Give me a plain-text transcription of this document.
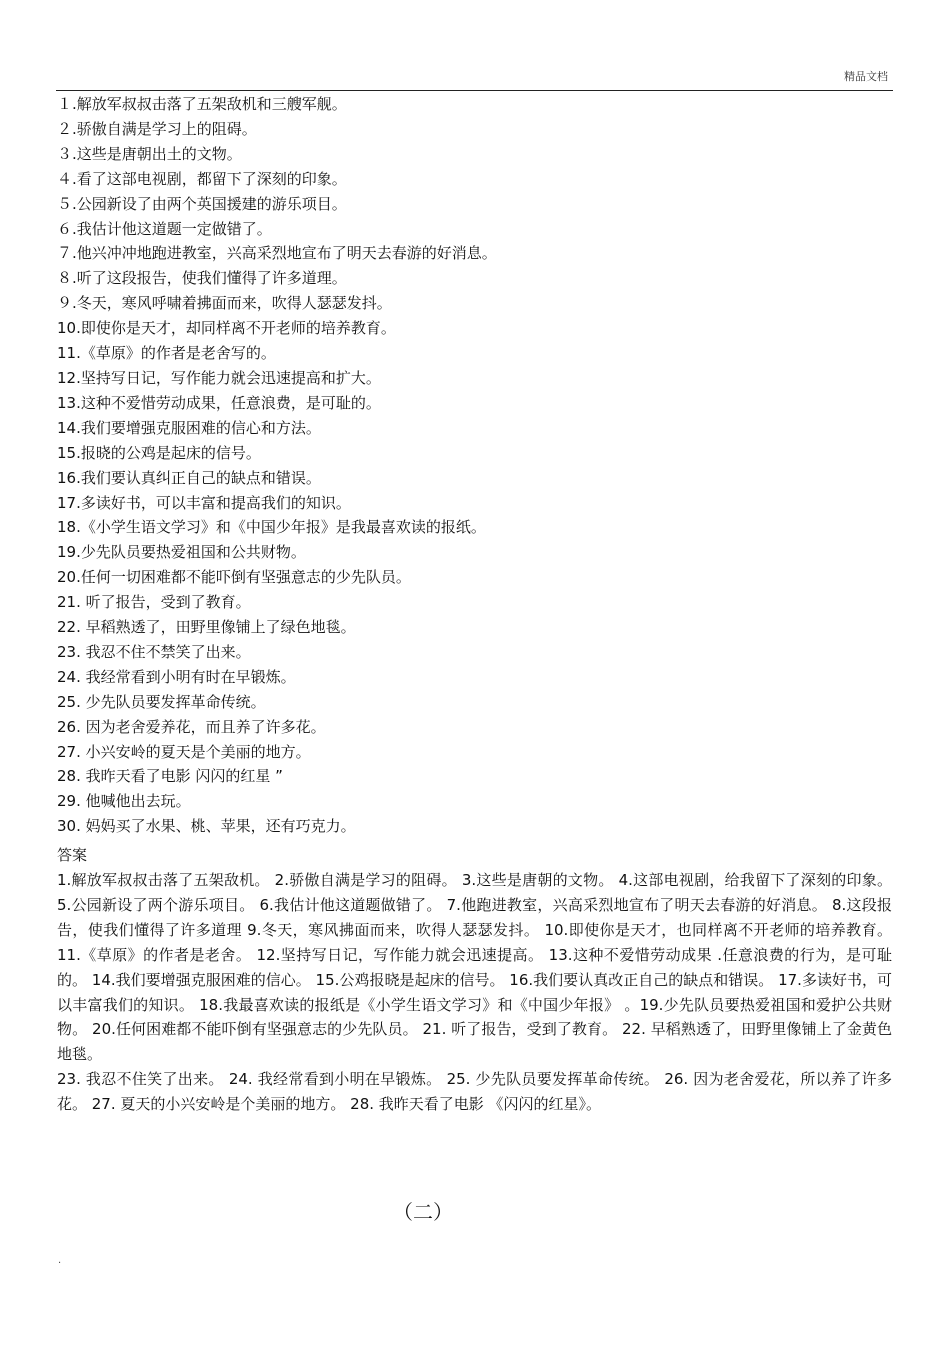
精品文档
１.解放军叔叔击落了五架敌机和三艘军舰。
２.骄傲自满是学习上的阻碍。
３.这些是唐朝出土的文物。
４.看了这部电视剧，都留下了深刻的印象。
５.公园新设了由两个英国援建的游乐项目。
６.我估计他这道题一定做错了。
７.他兴冲冲地跑进教室，兴高采烈地宣布了明天去春游的好消息。
８.听了这段报告，使我们懂得了许多道理。
９.冬天，寒风呼啸着拂面而来，吹得人瑟瑟发抖。
10.即使你是天才，却同样离不开老师的培养教育。
11.《草原》的作者是老舍写的。
12.坚持写日记，写作能力就会迅速提高和扩大。
13.这种不爱惜劳动成果，任意浪费，是可耻的。
14.我们要增强克服困难的信心和方法。
15.报晓的公鸡是起床的信号。
16.我们要认真纠正自己的缺点和错误。
17.多读好书，可以丰富和提高我们的知识。
18.《小学生语文学习》和《中国少年报》是我最喜欢读的报纸。
19.少先队员要热爱祖国和公共财物。
20.任何一切困难都不能吓倒有坚强意志的少先队员。
21. 听了报告，受到了教育。
22. 早稻熟透了，田野里像铺上了绿色地毯。
23. 我忍不住不禁笑了出来。
24. 我经常看到小明有时在早锻炼。
25. 少先队员要发挥革命传统。
26. 因为老舍爱养花，而且养了许多花。
27. 小兴安岭的夏天是个美丽的地方。
28. 我昨天看了电影 闪闪的红星 ”
29. 他喊他出去玩。
30. 妈妈买了水果、桃、苹果，还有巧克力。
答案

1.解放军叔叔击落了五架敌机。 2.骄傲自满是学习的阻碍。 3.这些是唐朝的文物。 4.这部电视剧，给我留下了深刻的印象。 5.公园新设了两个游乐项目。 6.我估计他这道题做错了。 7.他跑进教室，兴高采烈地宣布了明天去春游的好消息。 8.这段报告，使我们懂得了许多道理 9.冬天，寒风拂面而来，吹得人瑟瑟发抖。 10.即使你是天才，也同样离不开老师的培养教育。 11.《草原》的作者是老舍。 12.坚持写日记，写作能力就会迅速提高。 13.这种不爱惜劳动成果 .任意浪费的行为，是可耻的。 14.我们要增强克服困难的信心。 15.公鸡报晓是起床的信号。 16.我们要认真改正自己的缺点和错误。 17.多读好书，可以丰富我们的知识。 18.我最喜欢读的报纸是《小学生语文学习》和《中国少年报》 。19.少先队员要热爱祖国和爱护公共财物。 20.任何困难都不能吓倒有坚强意志的少先队员。 21. 听了报告，受到了教育。 22. 早稻熟透了，田野里像铺上了金黄色地毯。

23. 我忍不住笑了出来。 24. 我经常看到小明在早锻炼。 25. 少先队员要发挥革命传统。 26. 因为老舍爱花，所以养了许多花。 27. 夏天的小兴安岭是个美丽的地方。 28. 我昨天看了电影 《闪闪的红星》。

（二）
.
